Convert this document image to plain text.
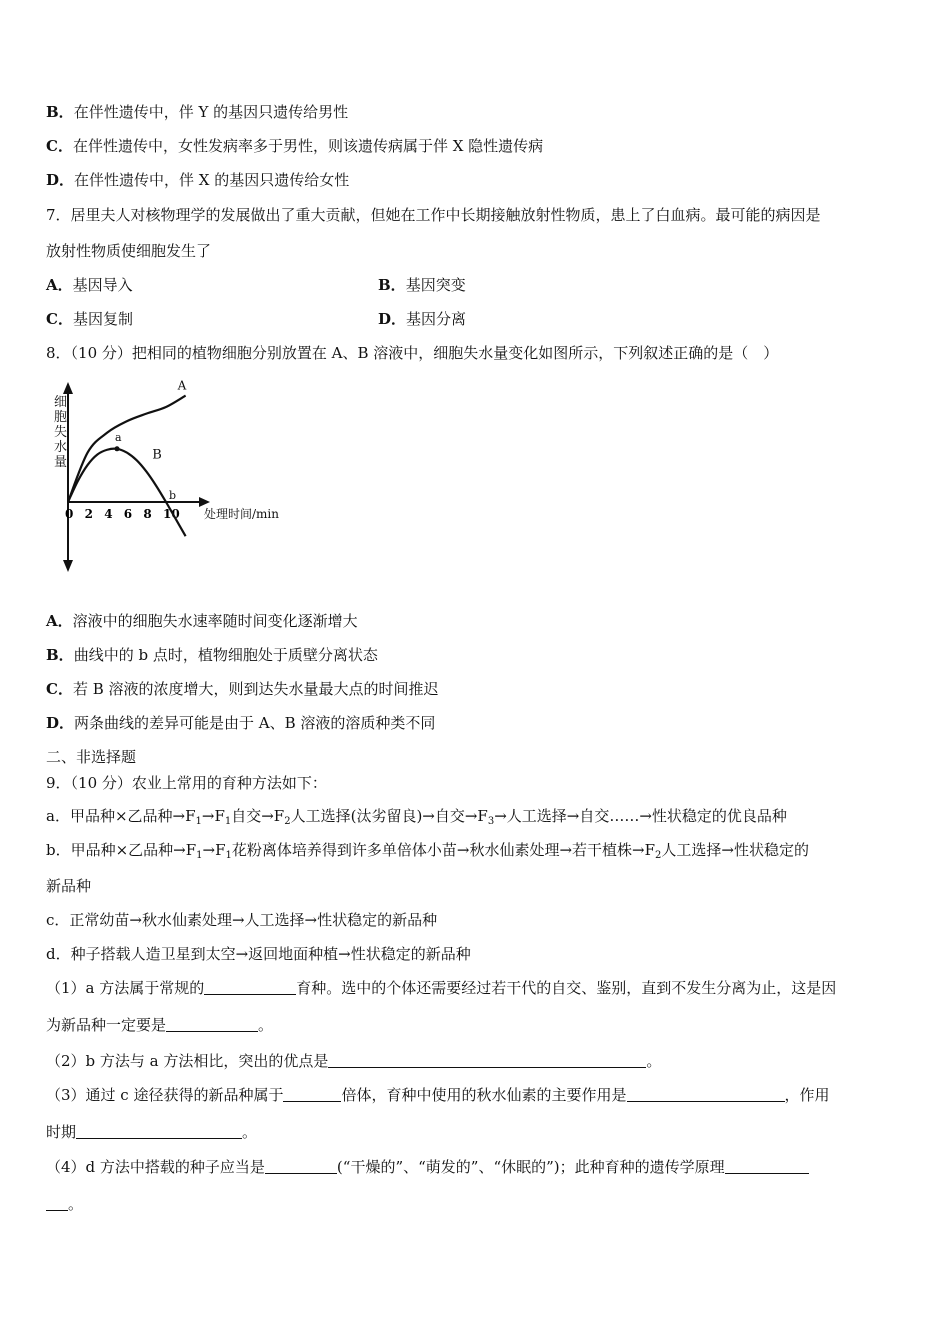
B．在伴性遗传中，伴 Y 的基因只遗传给男性
C．在伴性遗传中，女性发病率多于男性，则该遗传病属于伴 X 隐性遗传病
D．在伴性遗传中，伴 X 的基因只遗传给女性
7．居里夫人对核物理学的发展做出了重大贡献，但她在工作中长期接触放射性物质，患上了白血病。最可能的病因是
放射性物质使细胞发生了
A．基因导入	B．基因突变
C．基因复制	D．基因分离
8．（10 分）把相同的植物细胞分别放置在 A、B 溶液中，细胞失水量变化如图所示，下列叙述正确的是（　）
细胞失水量
0 2 4 6 8 10 处理时间/min
A
B
a
b
A．溶液中的细胞失水速率随时间变化逐渐增大
B．曲线中的 b 点时，植物细胞处于质壁分离状态
C．若 B 溶液的浓度增大，则到达失水量最大点的时间推迟
D．两条曲线的差异可能是由于 A、B 溶液的溶质种类不同
二、非选择题
9．（10 分）农业上常用的育种方法如下：
a．甲品种×乙品种$\to F_1\to F_1$自交$\to F_2$人工选择(汰劣留良)→自交$\to F_3\to$人工选择→自交……→性状稳定的优良品种
b．甲品种×乙品种$\to F_1\to F_1$花粉离体培养得到许多单倍体小苗→秋水仙素处理→若干植株$\to F_2$人工选择→性状稳定的
新品种
c．正常幼苗→秋水仙素处理→人工选择→性状稳定的新品种
d．种子搭载人造卫星到太空→返回地面种植→性状稳定的新品种
（1）a 方法属于常规的	育种。选中的个体还需要经过若干代的自交、鉴别，直到不发生分离为止，这是因
为新品种一定要是	。
（2）b 方法与 a 方法相比，突出的优点是	。
（3）通过 c 途径获得的新品种属于	倍体，育种中使用的秋水仙素的主要作用是	，作用
时期	。
（4）d 方法中搭载的种子应当是	(“干燥的”、“萌发的”、“休眠的”)；此种育种的遗传学原理
。
